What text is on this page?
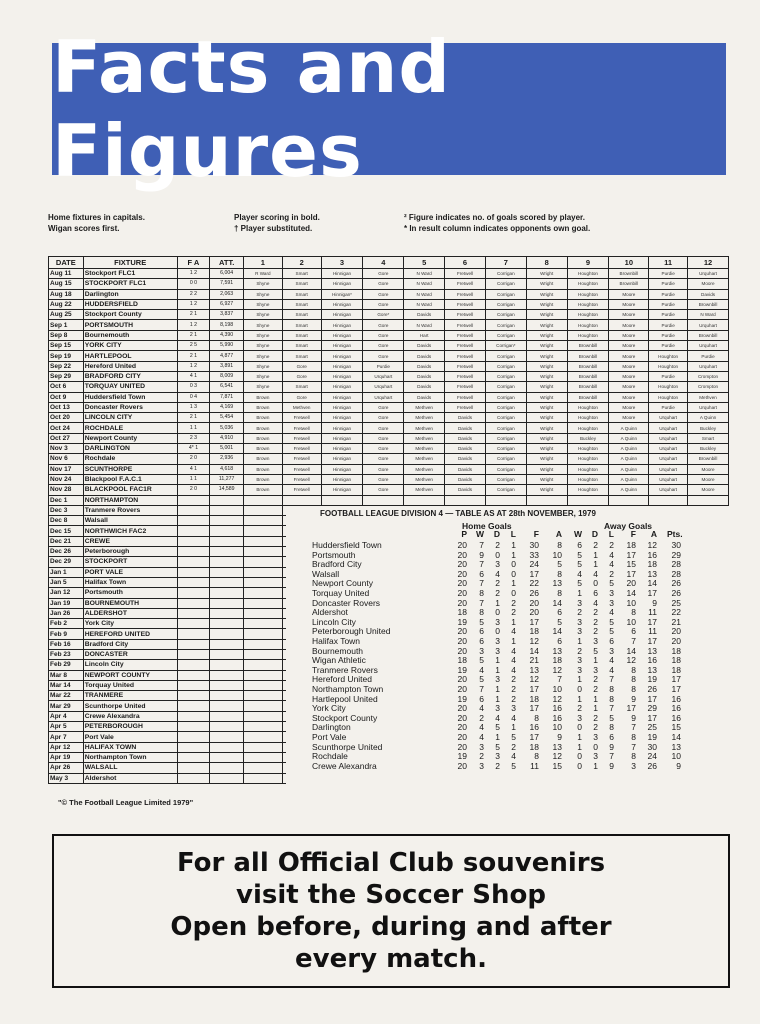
Facts and Figures
Home fixtures in capitals.
Wigan scores first.
Player scoring in bold.
† Player substituted.
² Figure indicates no. of goals scored by player.
* In result column indicates opponents own goal.
DATE	FIXTURE	F A	ATT.	1	2	3	4	5	6	7	8	9	10	11	12
Aug 11	Stockport FLC1	1 2	6,004	R Ward	Smart	Hinnigan	Gore	N Ward	Fretwell	Corrigan	Wright	Houghton	Brownbill	Purdie	Urquhart
Aug 15	STOCKPORT FLC1	0 0	7,591	Shyne	Smart	Hinnigan	Gore	N Ward	Fretwell	Corrigan	Wright	Houghton	Brownbill	Purdie	Moore
Aug 18	Darlington	2 2	2,063	Shyne	Smart	Hinnigan*	Gore	N Ward	Fretwell	Corrigan	Wright	Houghton	Moore	Purdie	Davids
Aug 22	HUDDERSFIELD	1 2	6,927	Shyne	Smart	Hinnigan	Gore	N Ward	Fretwell	Corrigan	Wright	Houghton	Moore	Purdie	Brownbill
Aug 25	Stockport County	2 1	3,837	Shyne	Smart	Hinnigan	Gore*	Davids	Fretwell	Corrigan	Wright	Houghton	Moore	Purdie	N Ward
Sep 1	PORTSMOUTH	1 2	8,198	Shyne	Smart	Hinnigan	Gore	N Ward	Fretwell	Corrigan	Wright	Houghton	Moore	Purdie	Urquhart
Sep 8	Bournemouth	2 1	4,390	Shyne	Smart	Hinnigan	Gore	Hart	Fretwell	Corrigan	Wright	Houghton	Moore	Purdie	Brownbill
Sep 15	YORK CITY	2 5	5,990	Shyne	Smart	Hinnigan	Gore	Davids	Fretwell	Corrigan*	Wright	Brownbill	Moore	Purdie	Urquhart
Sep 19	HARTLEPOOL	2 1	4,877	Shyne	Smart	Hinnigan	Gore	Davids	Fretwell	Corrigan	Wright	Brownbill	Moore	Houghton	Purdie
Sep 22	Hereford United	1 2	3,891	Shyne	Gore	Hinnigan	Purdie	Davids	Fretwell	Corrigan	Wright	Brownbill	Moore	Houghton	Urquhart
Sep 29	BRADFORD CITY	4 1	8,009	Shyne	Gore	Hinnigan	Urquhart	Davids	Fretwell	Corrigan	Wright	Brownbill	Moore	Purdie	Crompton
Oct 6	TORQUAY UNITED	0 3	6,541	Shyne	Smart	Hinnigan	Urquhart	Davids	Fretwell	Corrigan	Wright	Brownbill	Moore	Houghton	Crompton
Oct 9	Huddersfield Town	0 4	7,871	Brown	Gore	Hinnigan	Urquhart	Davids	Fretwell	Corrigan	Wright	Brownbill	Moore	Houghton	Methven
Oct 13	Doncaster Rovers	1 3	4,169	Brown	Methven	Hinnigan	Gore	Methven	Fretwell	Corrigan	Wright	Houghton	Moore	Purdie	Urquhart
Oct 20	LINCOLN CITY	2 1	5,454	Brown	Fretwell	Hinnigan	Gore	Methven	Davids	Corrigan	Wright	Houghton	Moore	Urquhart	A Quinn
Oct 24	ROCHDALE	1 1	5,036	Brown	Fretwell	Hinnigan	Gore	Methven	Davids	Corrigan	Wright	Houghton	A Quinn	Urquhart	Buckley
Oct 27	Newport County	2 3	4,910	Brown	Fretwell	Hinnigan	Gore	Methven	Davids	Corrigan	Wright	Buckley	A Quinn	Urquhart	Smart
Nov 3	DARLINGTON	4* 1	5,001	Brown	Fretwell	Hinnigan	Gore	Methven	Davids	Corrigan	Wright	Houghton	A Quinn	Urquhart	Buckley
Nov 6	Rochdale	2 0	2,936	Brown	Fretwell	Hinnigan	Gore	Methven	Davids	Corrigan	Wright	Houghton	A Quinn	Urquhart	Brownbill
Nov 17	SCUNTHORPE	4 1	4,618	Brown	Fretwell	Hinnigan	Gore	Methven	Davids	Corrigan	Wright	Houghton	A Quinn	Urquhart	Moore
Nov 24	Blackpool F.A.C.1	1 1	11,277	Brown	Fretwell	Hinnigan	Gore	Methven	Davids	Corrigan	Wright	Houghton	A Quinn	Urquhart	Moore
Nov 28	BLACKPOOL FAC1R	2 0	14,589	Brown	Fretwell	Hinnigan	Gore	Methven	Davids	Corrigan	Wright	Houghton	A Quinn	Urquhart	Moore
Dec 1	NORTHAMPTON														
Dec 3	Tranmere Rovers														
Dec 8	Walsall														
Dec 15	NORTHWICH FAC2														
Dec 21	CREWE														
Dec 26	Peterborough														
Dec 29	STOCKPORT														
Jan 1	PORT VALE														
Jan 5	Halifax Town														
Jan 12	Portsmouth														
Jan 19	BOURNEMOUTH														
Jan 26	ALDERSHOT														
Feb 2	York City														
Feb 9	HEREFORD UNITED														
Feb 16	Bradford City														
Feb 23	DONCASTER														
Feb 29	Lincoln City														
Mar 8	NEWPORT COUNTY														
Mar 14	Torquay United														
Mar 22	TRANMERE														
Mar 29	Scunthorpe United														
Apr 4	Crewe Alexandra														
Apr 5	PETERBOROUGH														
Apr 7	Port Vale														
Apr 12	HALIFAX TOWN														
Apr 19	Northampton Town														
Apr 26	WALSALL														
May 3	Aldershot														
FOOTBALL LEAGUE DIVISION 4 — TABLE AS AT 28th NOVEMBER, 1979
Home Goals	Away Goals
P	W	D	L	F	A	W	D	L	F	A Pts.
Huddersfield Town	20	7	2	1	30	8	6	2	2	18	12	30
Portsmouth	20	9	0	1	33	10	5	1	4	17	16	29
Bradford City	20	7	3	0	24	5	5	1	4	15	18	28
Walsall	20	6	4	0	17	8	4	4	2	17	13	28
Newport County	20	7	2	1	22	13	5	0	5	20	14	26
Torquay United	20	8	2	0	26	8	1	6	3	14	17	26
Doncaster Rovers	20	7	1	2	20	14	3	4	3	10	9	25
Aldershot	18	8	0	2	20	6	2	2	4	8	11	22
Lincoln City	19	5	3	1	17	5	3	2	5	10	17	21
Peterborough United	20	6	0	4	18	14	3	2	5	6	11	20
Halifax Town	20	6	3	1	12	6	1	3	6	7	17	20
Bournemouth	20	3	3	4	14	13	2	5	3	14	13	18
Wigan Athletic	18	5	1	4	21	18	3	1	4	12	16	18
Tranmere Rovers	19	4	1	4	13	12	3	3	4	8	13	18
Hereford United	20	5	3	2	12	7	1	2	7	8	19	17
Northampton Town	20	7	1	2	17	10	0	2	8	8	26	17
Hartlepool United	19	6	1	2	18	12	1	1	8	9	17	16
York City	20	4	3	3	17	16	2	1	7	17	29	16
Stockport County	20	2	4	4	8	16	3	2	5	9	17	16
Darlington	20	4	5	1	16	10	0	2	8	7	25	15
Port Vale	20	4	1	5	17	9	1	3	6	8	19	14
Scunthorpe United	20	3	5	2	18	13	1	0	9	7	30	13
Rochdale	19	2	3	4	8	12	0	3	7	8	24	10
Crewe Alexandra	20	3	2	5	11	15	0	1	9	3	26	9
"© The Football League Limited 1979"
For all Official Club souvenirs
visit the Soccer Shop
Open before, during and after
every match.
